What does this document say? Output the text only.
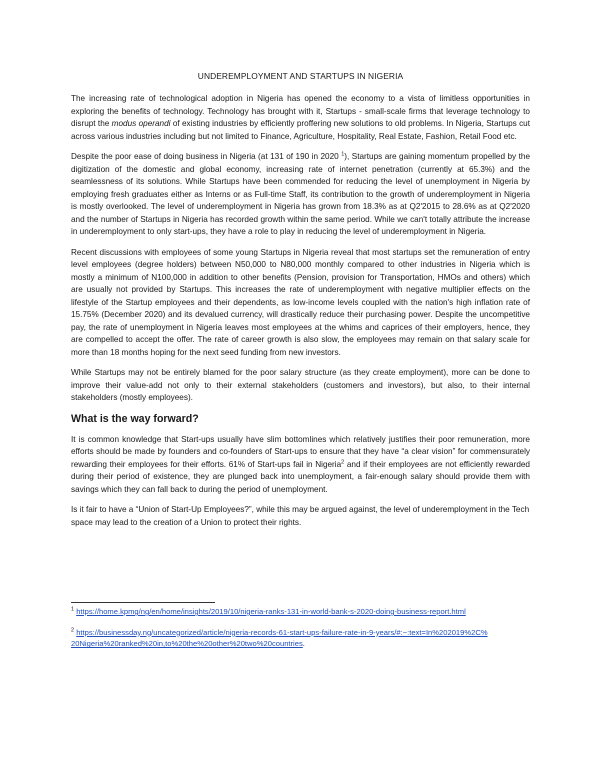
UNDEREMPLOYMENT AND STARTUPS IN NIGERIA

The increasing rate of technological adoption in Nigeria has opened the economy to a vista of limitless opportunities in exploring the benefits of technology. Technology has brought with it, Startups - small-scale firms that leverage technology to disrupt the modus operandi of existing industries by efficiently proffering new solutions to old problems. In Nigeria, Startups cut across various industries including but not limited to Finance, Agriculture, Hospitality, Real Estate, Fashion, Retail Food etc.

Despite the poor ease of doing business in Nigeria (at 131 of 190 in 2020 $^1$), Startups are gaining momentum propelled by the digitization of the domestic and global economy, increasing rate of internet penetration (currently at 65.3%) and the seamlessness of its solutions. While Startups have been commended for reducing the level of unemployment in Nigeria by employing fresh graduates either as Interns or as Full-time Staff, its contribution to the growth of underemployment in Nigeria is mostly overlooked. The level of underemployment in Nigeria has grown from 18.3% as at Q2'2015 to 28.6% as at Q2'2020 and the number of Startups in Nigeria has recorded growth within the same period. While we can't totally attribute the increase in underemployment to only start-ups, they have a role to play in reducing the level of underemployment in Nigeria.

Recent discussions with employees of some young Startups in Nigeria reveal that most startups set the remuneration of entry level employees (degree holders) between N50,000 to N80,000 monthly compared to other industries in Nigeria which is mostly a minimum of N100,000 in addition to other benefits (Pension, provision for Transportation, HMOs and others) which are usually not provided by Startups. This increases the rate of underemployment with negative multiplier effects on the lifestyle of the Startup employees and their dependents, as low-income levels coupled with the nation's high inflation rate of 15.75% (December 2020) and its devalued currency, will drastically reduce their purchasing power. Despite the uncompetitive pay, the rate of unemployment in Nigeria leaves most employees at the whims and caprices of their employers, hence, they are compelled to accept the offer. The rate of career growth is also slow, the employees may remain on that salary scale for more than 18 months hoping for the next seed funding from new investors.

While Startups may not be entirely blamed for the poor salary structure (as they create employment), more can be done to improve their value-add not only to their external stakeholders (customers and investors), but also, to their internal stakeholders (mostly employees).

What is the way forward?

It is common knowledge that Start-ups usually have slim bottomlines which relatively justifies their poor remuneration, more efforts should be made by founders and co-founders of Start-ups to ensure that they have “a clear vision” for commensurately rewarding their employees for their efforts. 61% of Start-ups fail in Nigeria$^2$ and if their employees are not efficiently rewarded during their period of existence, they are plunged back into unemployment, a fair-enough salary should provide them with savings which they can fall back to during the period of unemployment.

Is it fair to have a “Union of Start-Up Employees?”, while this may be argued against, the level of underemployment in the Tech space may lead to the creation of a Union to protect their rights.

$^1$ https://home.kpmg/ng/en/home/insights/2019/10/nigeria-ranks-131-in-world-bank-s-2020-doing-business-report.html
$^2$ https://businessday.ng/uncategorized/article/nigeria-records-61-start-ups-failure-rate-in-9-years/#:~:text=In%202019%2C%20Nigeria%20ranked%20in,to%20the%20other%20two%20countries.
